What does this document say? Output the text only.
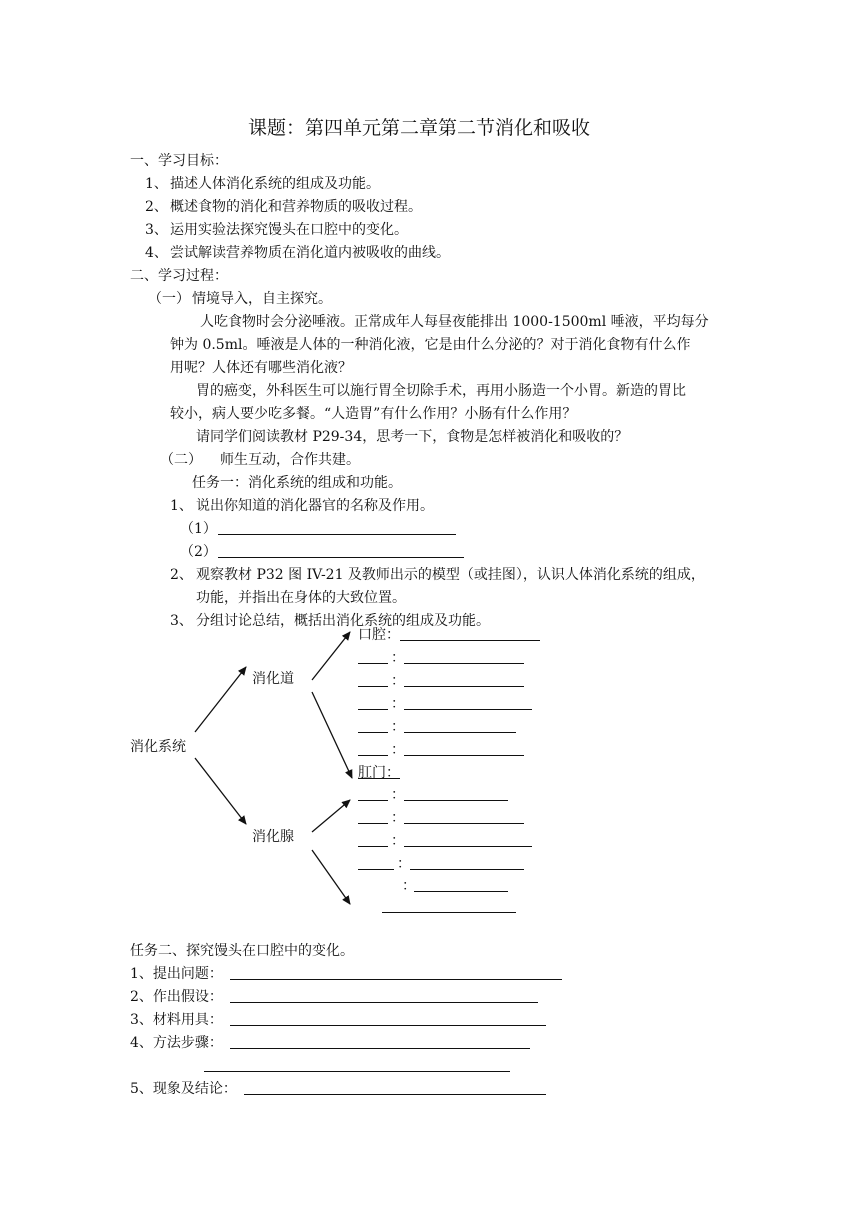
课题：第四单元第二章第二节消化和吸收
一、学习目标：
1、 描述人体消化系统的组成及功能。
2、 概述食物的消化和营养物质的吸收过程。
3、 运用实验法探究馒头在口腔中的变化。
4、 尝试解读营养物质在消化道内被吸收的曲线。
二、学习过程：
（一） 情境导入，自主探究。
人吃食物时会分泌唾液。正常成年人每昼夜能排出 1000-1500ml 唾液，平均每分
钟为 0.5ml。唾液是人体的一种消化液，它是由什么分泌的？对于消化食物有什么作
用呢？人体还有哪些消化液？
胃的癌变，外科医生可以施行胃全切除手术，再用小肠造一个小胃。新造的胃比
较小，病人要少吃多餐。“人造胃”有什么作用？小肠有什么作用？
请同学们阅读教材 P29-34，思考一下，食物是怎样被消化和吸收的？
（二） 师生互动，合作共建。
任务一：消化系统的组成和功能。
1、 说出你知道的消化器官的名称及作用。
（1）
（2）
2、 观察教材 P32 图 IV-21 及教师出示的模型（或挂图），认识人体消化系统的组成，
功能，并指出在身体的大致位置。
3、 分组讨论总结，概括出消化系统的组成及功能。
消化系统
消化道
消化腺
口腔：
：
：
：
：
：
肛门：
：
：
：
：
：
任务二、探究馒头在口腔中的变化。
1、提出问题：
2、作出假设：
3、材料用具：
4、方法步骤：
5、现象及结论：
